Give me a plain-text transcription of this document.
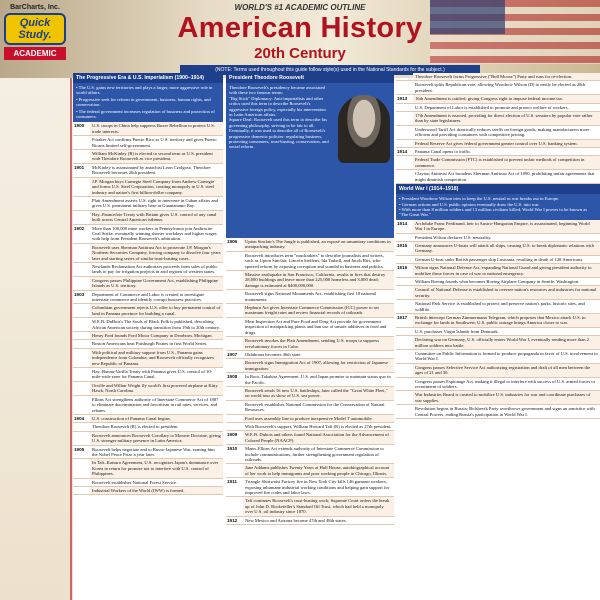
BarCharts, Inc.
Quick Study.
ACADEMIC
WORLD'S #1 ACADEMIC OUTLINE
American History
20th Century
(NOTE: Terms used throughout this guide follow style(s) used in the National Standards for the subject.)
The Progressive Era & U.S. Imperialism (1900–1914)

• The U.S. gains new territories and plays a larger, more aggressive role in world affairs.

• Progressive seek for reform in government, business, human rights, and conservation.

• The federal government increases regulation of business and protection of consumers.

1900	U.S. troops in China help suppress Boxer Rebellion to protect U.S. trade interests.
Foraker Act confirms Puerto Rico as U.S. territory and gives Puerto Ricans limited self-government.
William McKinley (R) is elected to second term as U.S. president with Theodore Roosevelt as vice president.
1901	McKinley is assassinated by anarchist Leon Czolgosz. Theodore Roosevelt becomes 26th president.
J.P. Morgan buys Carnegie Steel Company from Andrew Carnegie and forms U.S. Steel Corporation, creating monopoly in U.S. steel industry and nation's first billion-dollar company.
Platt Amendment asserts U.S. right to intervene in Cuban affairs and gives U.S. permanent military base at Guantanamo Bay.
Hay–Pauncefote Treaty with Britain gives U.S. control of any canal built across Central American isthmus.
1902	More than 100,000 mine workers in Pennsylvania join Anthracite Coal Strike, eventually winning shorter workdays and higher wages with help from President Roosevelt's arbitration.
Roosevelt uses Sherman Antitrust Act to prosecute J.P. Morgan's Northern Securities Company, forcing company to dissolve four years later and starting series of similar trust-busting cases.
Newlands Reclamation Act authorizes proceeds from sales of public lands to pay for irrigation projects in arid regions of western states.
Congress passes Philippine Government Act, establishing Philippine Islands as U.S. territory.
1903	Department of Commerce and Labor is created to investigate interstate commerce and identify corrupt business practices.
Colombian government rejects U.S. offer to buy permanent control of land in Panama province for building a canal.
W.E.B. DuBois's The Souls of Black Folk is published, describing African American society during transition from 19th to 20th century.
Henry Ford founds Ford Motor Company in Dearborn, Michigan.
Boston Americans beat Pittsburgh Pirates in first World Series.
With political and military support from U.S., Panama gains independence from Colombia, and Roosevelt officially recognizes new Republic of Panama.
Hay–Bunau-Varilla Treaty with Panama gives U.S. control of 10-mile-wide zone for Panama Canal.
Orville and Wilbur Wright fly world's first powered airplane at Kitty Hawk, North Carolina.
Elkins Act strengthens authority of Interstate Commerce Act of 1887 to eliminate discrimination and favoritism in rail rates, services, and rebates.
1904	U.S. construction of Panama Canal begins.
Theodore Roosevelt (R) is elected to president.
Roosevelt announces Roosevelt Corollary to Monroe Doctrine, giving U.S. stronger military presence in Latin America.
1905	Roosevelt helps negotiate end to Russo-Japanese War, earning him the Nobel Peace Prize a year later.
In Taft–Katsura Agreement, U.S. recognizes Japan's dominance over Korea in return for promise not to interfere with U.S. control of Philippines.
Roosevelt establishes National Forest Service.
Industrial Workers of the World (IWW) is formed.
President Theodore Roosevelt

Theodore Roosevelt's presidency became associated with these two famous terms:

"Big Stick" Diplomacy: Anti-imperialists and other critics used this term to describe Roosevelt's aggressive foreign policy, especially his intervention in Latin American affairs.

Square Deal: Roosevelt used this term to describe his governing philosophy, striving to be fair to all. Eventually, it was used to describe all of Roosevelt's progressive domestic policies: regulating business, protecting consumers, trust-busting, conservation, and social reform.

1906	Upton Sinclair's The Jungle is published, an exposé on unsanitary conditions in meatpacking industry.
Roosevelt introduces term "muckrakers" to describe journalists and writers, such as Upton Sinclair, Lincoln Steffens, Ida Tarbell, and Jacob Riis, who spurred reform by exposing corruption and scandal in business and politics.
Massive earthquake in San Francisco, California, results in fires that destroy 28,000 buildings and leave more than 225,000 homeless and 3,000 dead; damage is estimated at $400,000,000.
Roosevelt signs National Monuments Act, establishing first 18 national monuments.
Hepburn Act gives Interstate Commerce Commission (ICC) power to set maximum freight rates and review financial records of railroads.
Meat Inspection Act and Pure Food and Drug Act provide for government inspection of meatpacking plants and ban use of unsafe additives in food and drugs.
Roosevelt invokes the Platt Amendment, sending U.S. troops to suppress revolutionary forces in Cuba.
1907	Oklahoma becomes 46th state.
Roosevelt signs Immigration Act of 1907, allowing for restriction of Japanese immigration.
1908	In Root–Takahira Agreement, U.S. and Japan promise to maintain status quo in the Pacific.
Roosevelt sends 16 new U.S. battleships, later called the "Great White Fleet," on world tour as show of U.S. sea power.
Roosevelt establishes National Commission for the Conservation of Natural Resources.
Ford uses assembly line to produce inexpensive Model T automobile.
With Roosevelt's support, William Howard Taft (R) is elected as 27th president.
1909	W.E.B. Dubois and others found National Association for the Advancement of Colored People (NAACP).
1910	Mann–Elkins Act extends authority of Interstate Commerce Commission to include communications, further strengthening government regulation of railroads.
Jane Addams publishes Twenty Years at Hull House, autobiographical account of her work to help immigrants and poor working people in Chicago, Illinois.
1911	Triangle Shirtwaist Factory fire in New York City kills 146 garment workers, exposing inhumane industrial working conditions and helping gain support for improved fire codes and labor laws.
Taft continues Roosevelt's trust-busting work; Supreme Court orders the break up of John D. Rockefeller's Standard Oil Trust, which had held a monopoly over U.S. oil industry since 1870.
1912	New Mexico and Arizona become 47th and 48th states.
Theodore Roosevelt forms Progressive ("Bull Moose") Party and runs for re-election.
Roosevelt splits Republican vote, allowing Woodrow Wilson (D) to easily be elected as 28th president.
1913	16th Amendment is ratified, giving Congress right to impose federal income tax.
U.S. Department of Labor is established to promote and protect welfare of workers.
17th Amendment is enacted, providing for direct election of U.S. senators by popular vote rather than by state legislatures.
Underwood Tariff Act drastically reduces tariffs on foreign goods, making manufacturers more efficient and providing consumers with competitive pricing.
Federal Reserve Act gives federal government greater control over U.S. banking system.
1914	Panama Canal opens to traffic.
Federal Trade Commission (FTC) is established to prevent unfair methods of competition in commerce.
Clayton Antitrust Act broadens Sherman Antitrust Act of 1890, prohibiting unfair agreements that might diminish competition.
World War I (1914–1918)

• President Woodrow Wilson tries to keep the U.S. neutral as war breaks out in Europe.

• German actions and U.S. public opinion eventually draw the U.S. into war.

• With more than 8 million soldiers and 13 million civilians killed, World War I proves to be known as "The Great War."

1914	Archduke Franz Ferdinand, heir to Austro-Hungarian Empire, is assassinated, beginning World War I in Europe.
President Wilson declares U.S. neutrality.
1915	Germany announces U-boats will attack all ships, causing U.S. to break diplomatic relations with Germany.
German U-boat sinks British passenger ship Lusitania, resulting in death of 128 Americans.
1916	Wilson signs National Defense Act, expanding National Guard and giving president authority to mobilize those forces in case of war or national emergency.
William Boeing founds what becomes Boeing Airplane Company in Seattle, Washington.
Council of National Defense is established to oversee nation's resources and industries for national security.
National Park Service is established to protect and preserve nation's parks, historic sites, and wildlife.
1917	British intercept German Zimmermann Telegram, which proposes that Mexico attack U.S. in exchange for lands in Southwest; U.S. public outrage brings America closer to war.
U.S. purchases Virgin Islands from Denmark.
Declaring war on Germany, U.S. officially enters World War I, eventually sending more than 2 million soldiers into battle.
Committee on Public Information is formed to produce propaganda in favor of U.S. involvement in World War I.
Congress passes Selective Service Act authorizing registration and draft of all men between the ages of 21 and 30.
Congress passes Espionage Act, making it illegal to interfere with success of U.S. armed forces or recruitment of soldiers.
War Industries Board is created to mobilize U.S. industries for war and coordinate purchases of war supplies.
Revolution begins in Russia; Bolshevik Party overthrows government and signs an armistice with Central Powers, ending Russia's participation in World War I.
